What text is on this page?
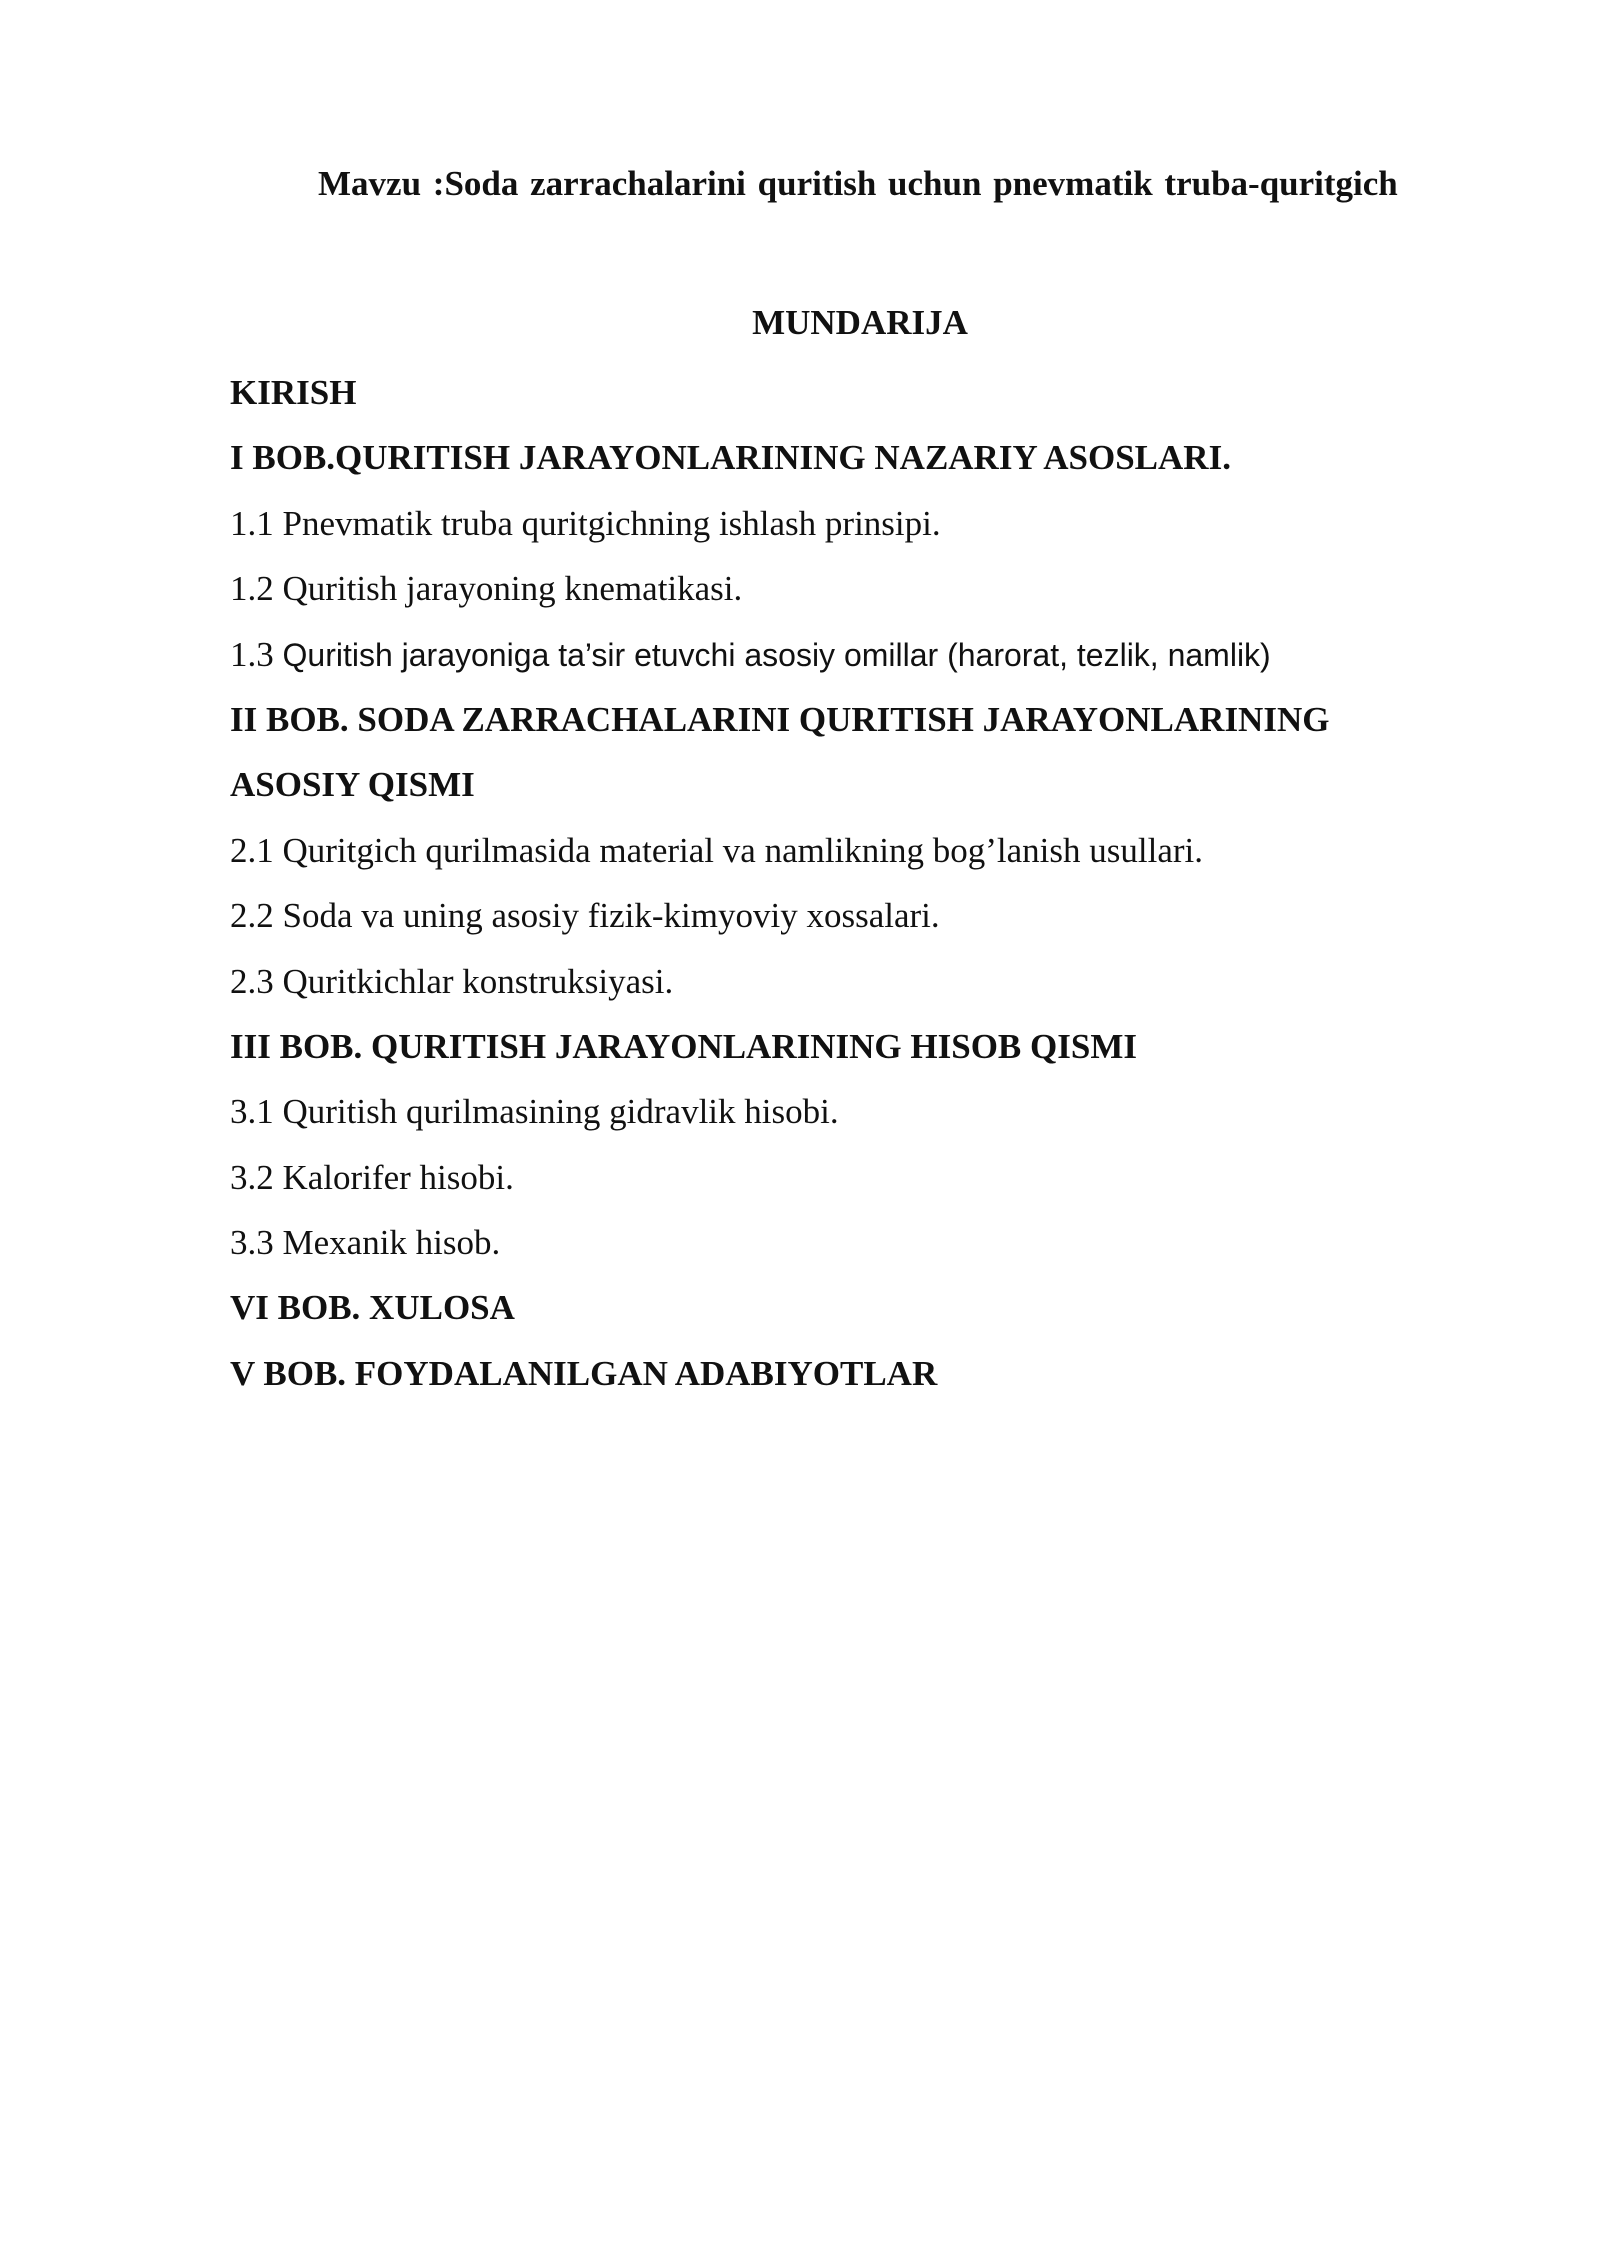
Mavzu :Soda zarrachalarini quritish uchun pnevmatik truba-quritgich
MUNDARIJA
KIRISH
I BOB.QURITISH JARAYONLARINING NAZARIY ASOSLARI.
1.1 Pnevmatik truba quritgichning ishlash prinsipi.
1.2 Quritish jarayoning knematikasi.
1.3 Quritish jarayoniga ta’sir etuvchi asosiy omillar (harorat, tezlik, namlik)
II BOB. SODA ZARRACHALARINI QURITISH JARAYONLARINING
ASOSIY QISMI
2.1 Quritgich qurilmasida material va namlikning bog’lanish usullari.
2.2 Soda va uning asosiy fizik-kimyoviy xossalari.
2.3 Quritkichlar konstruksiyasi.
III BOB. QURITISH JARAYONLARINING HISOB QISMI
3.1 Quritish qurilmasining gidravlik hisobi.
3.2 Kalorifer hisobi.
3.3 Mexanik hisob.
VI BOB. XULOSA
V BOB. FOYDALANILGAN ADABIYOTLAR
